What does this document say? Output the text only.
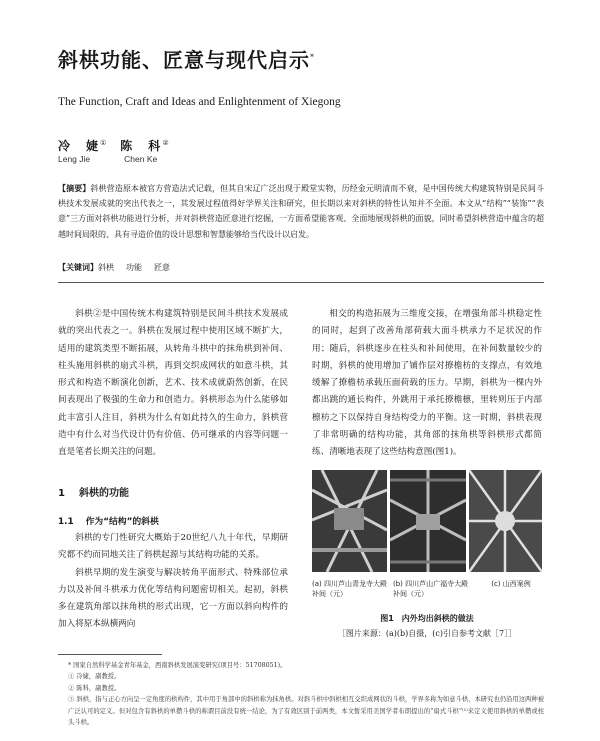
斜栱功能、匠意与现代启示*
The Function, Craft and Ideas and Enlightenment of Xiegong
冷　婕① 陈　科②
Leng Jie	Chen Ke
【摘要】斜栱营造原本被官方营造法式记载，但其自宋辽广泛出现于殿堂实物，历经金元明清而不衰，是中国传统大构建筑特别是民间斗栱技术发展成就的突出代表之一，其发展过程值得好学界关注和研究，但长期以来对斜栱的特性认知并不全面。本文从“结构”“装饰”“表意”三方面对斜栱功能进行分析，并对斜栱营造匠意进行挖掘，一方面希望能客观、全面地展现斜栱的面貌，同时希望斜栱营造中蕴含的超越时间局限的、具有寻造价值的设计思想和智慧能够给当代设计以启发。
【关键词】斜栱 功能 匠意

斜栱②是中国传统木构建筑特别是民间斗栱技术发展成就的突出代表之一。斜栱在发展过程中使用区域不断扩大，适用的建筑类型不断拓展，从转角斗栱中的抹角栱到补间、柱头施用斜栱的扇式斗栱，再到交织成网状的如意斗栱，其形式和构造不断演化创新，艺术、技术成就蔚然创新，在民间表现出了极强的生命力和创造力。斜栱形态为什么能够如此丰富引人注目，斜栱为什么有如此持久的生命力，斜栱营造中有什么对当代设计仍有价值、仍可继承的内容等问题一直是笔者长期关注的问题。

1 斜栱的功能
1.1 作为“结构”的斜栱

斜栱的专门性研究大概始于20世纪八九十年代，早期研究都不约而同地关注了斜栱起源与其结构功能的关系。

斜栱早期的发生演变与解决转角平面形式、特殊部位承力以及补间斗栱承力优化等结构问题密切相关。起初，斜栱多在建筑角部以抹角栱的形式出现，它一方面以斜向构件的加入将原本纵横两向

相交的构造拓展为三维度交接，在增强角部斗栱稳定性的同时，起到了改善角部荷载大面斗栱承力不足状况的作用；随后，斜栱逐步在柱头和补间使用，在补间数量较少的时期，斜栱的使用增加了铺作层对撩檐枋的支撑点，有效地缓解了撩檐枋承载压面荷载的压力。早期，斜栱为一棵内外都出跳的通长构件，外跳用于承托撩檐檩，里转则压于内部檩枋之下以保持自身结构受力的平衡。这一时期，斜栱表现了非常明确的结构功能，其角部的抹角栱等斜栱形式都简练、清晰地表现了这些结构意图(图1)。

(a) 四川芦山青龙寺大殿补间（元）
(b) 四川芦山广福寺大殿补间（元）
(c) 山西案例
图1 内外均出斜栱的做法
［图片来源：(a)(b)自摄，(c)引自参考文献［7］］
* 国家自然科学基金青年基金，西南斜栱发展演变研究(项目号：51708051)。
① 冷婕，副教授。
② 陈科，副教授。
③ 斜栱，指与正心方向呈一定角度的栱构件，其中用于角部中的斜栱称为抹角栱。对斜斗栱中斜栱相互交织成网状的斗栱，学界多称为如意斗栱，本研究也仍沿用这两种被广泛认可的定义。但对包含有斜栱的单攒斗栱的称谓目前没有统一结论，为了有效区别于前两类，本文暂采用美国学者布朗提出的“扇式斗栱”⁽¹⁾来定义使用斜栱的单攒或柱头斗栱。
